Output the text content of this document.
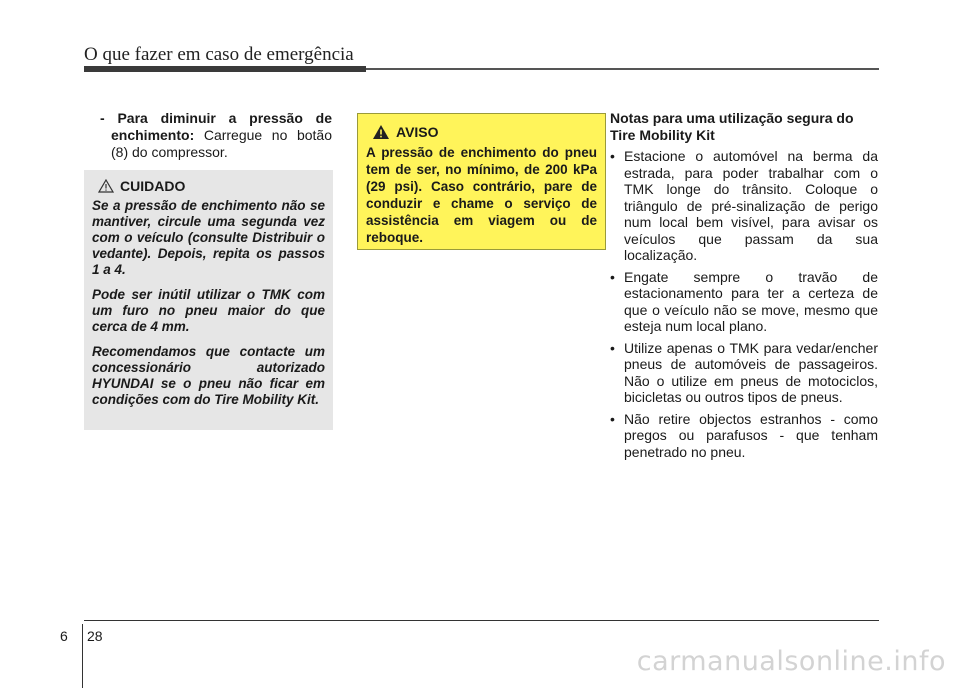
O que fazer em caso de emergência
- Para diminuir a pressão de enchimento: Carregue no botão (8) do compressor.
CUIDADO

Se a pressão de enchimento não se mantiver, circule uma segunda vez com o veículo (consulte Distribuir o vedante). Depois, repita os passos 1 a 4.

Pode ser inútil utilizar o TMK com um furo no pneu maior do que cerca de 4 mm.

Recomendamos que contacte um concessionário autorizado HYUNDAI se o pneu não ficar em condições com do Tire Mobility Kit.

AVISO

A pressão de enchimento do pneu tem de ser, no mínimo, de 200 kPa (29 psi). Caso contrário, pare de conduzir e chame o serviço de assistência em viagem ou de reboque.

Notas para uma utilização segura do Tire Mobility Kit

• Estacione o automóvel na berma da estrada, para poder trabalhar com o TMK longe do trânsito. Coloque o triângulo de pré-sinalização de perigo num local bem visível, para avisar os veículos que passam da sua localização.
• Engate sempre o travão de estacionamento para ter a certeza de que o veículo não se move, mesmo que esteja num local plano.
• Utilize apenas o TMK para vedar/encher pneus de automóveis de passageiros. Não o utilize em pneus de motociclos, bicicletas ou outros tipos de pneus.
• Não retire objectos estranhos - como pregos ou parafusos - que tenham penetrado no pneu.
6 28
carmanualsonline.info
